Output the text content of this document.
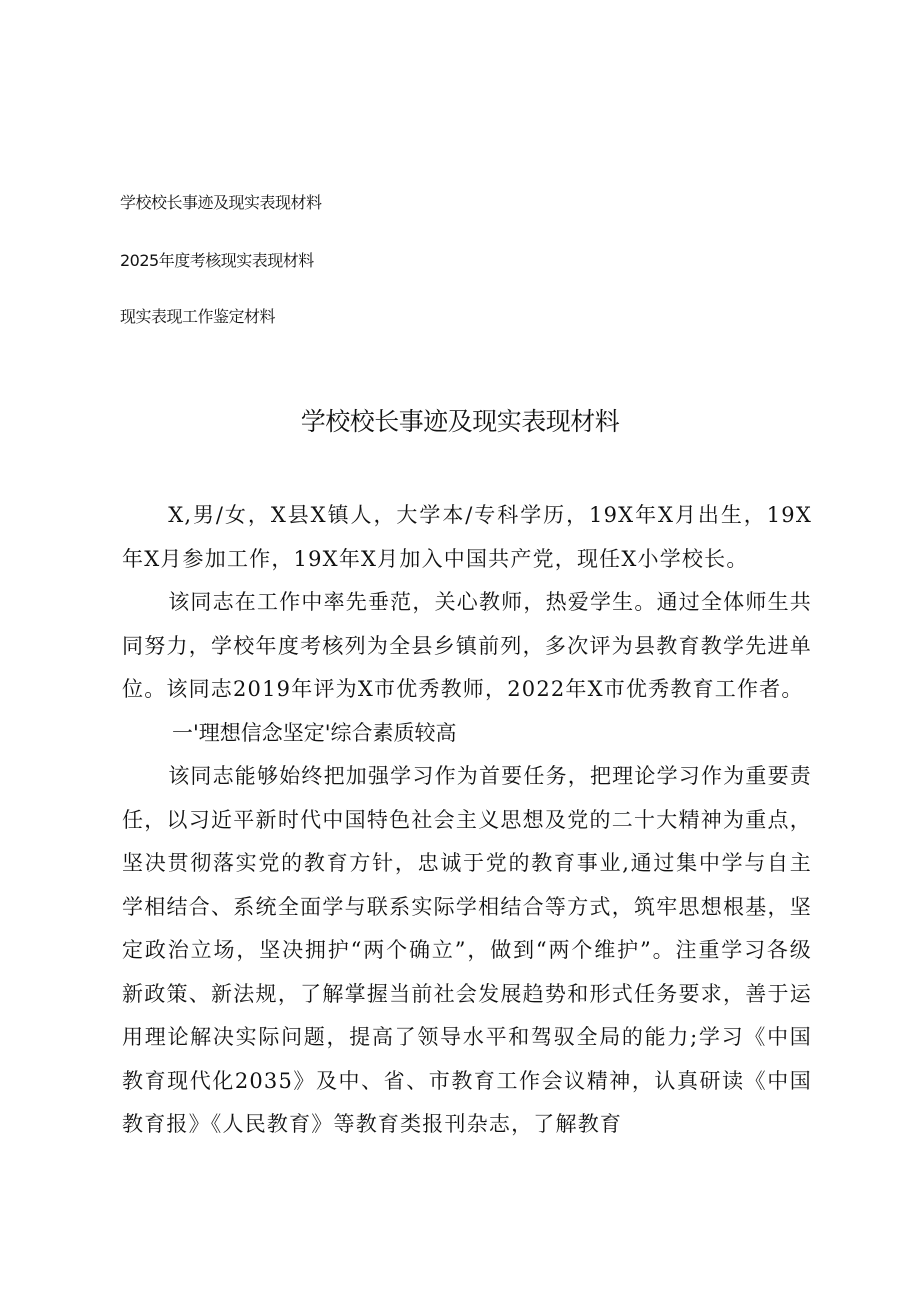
学校校长事迹及现实表现材料
2025年度考核现实表现材料
现实表现工作鉴定材料
学校校长事迹及现实表现材料

X,男/女，X县X镇人，大学本/专科学历，19X年X月出生，19X年X月参加工作，19X年X月加入中国共产党，现任X小学校长。

该同志在工作中率先垂范，关心教师，热爱学生。通过全体师生共同努力，学校年度考核列为全县乡镇前列，多次评为县教育教学先进单位。该同志2019年评为X市优秀教师，2022年X市优秀教育工作者。

一'理想信念坚定'综合素质较高

该同志能够始终把加强学习作为首要任务，把理论学习作为重要责任，以习近平新时代中国特色社会主义思想及党的二十大精神为重点，坚决贯彻落实党的教育方针，忠诚于党的教育事业,通过集中学与自主学相结合、系统全面学与联系实际学相结合等方式，筑牢思想根基，坚定政治立场，坚决拥护“两个确立”，做到“两个维护”。注重学习各级新政策、新法规，了解掌握当前社会发展趋势和形式任务要求，善于运用理论解决实际问题，提高了领导水平和驾驭全局的能力;学习《中国教育现代化2035》及中、省、市教育工作会议精神，认真研读《中国教育报》《人民教育》等教育类报刊杂志，了解教育
